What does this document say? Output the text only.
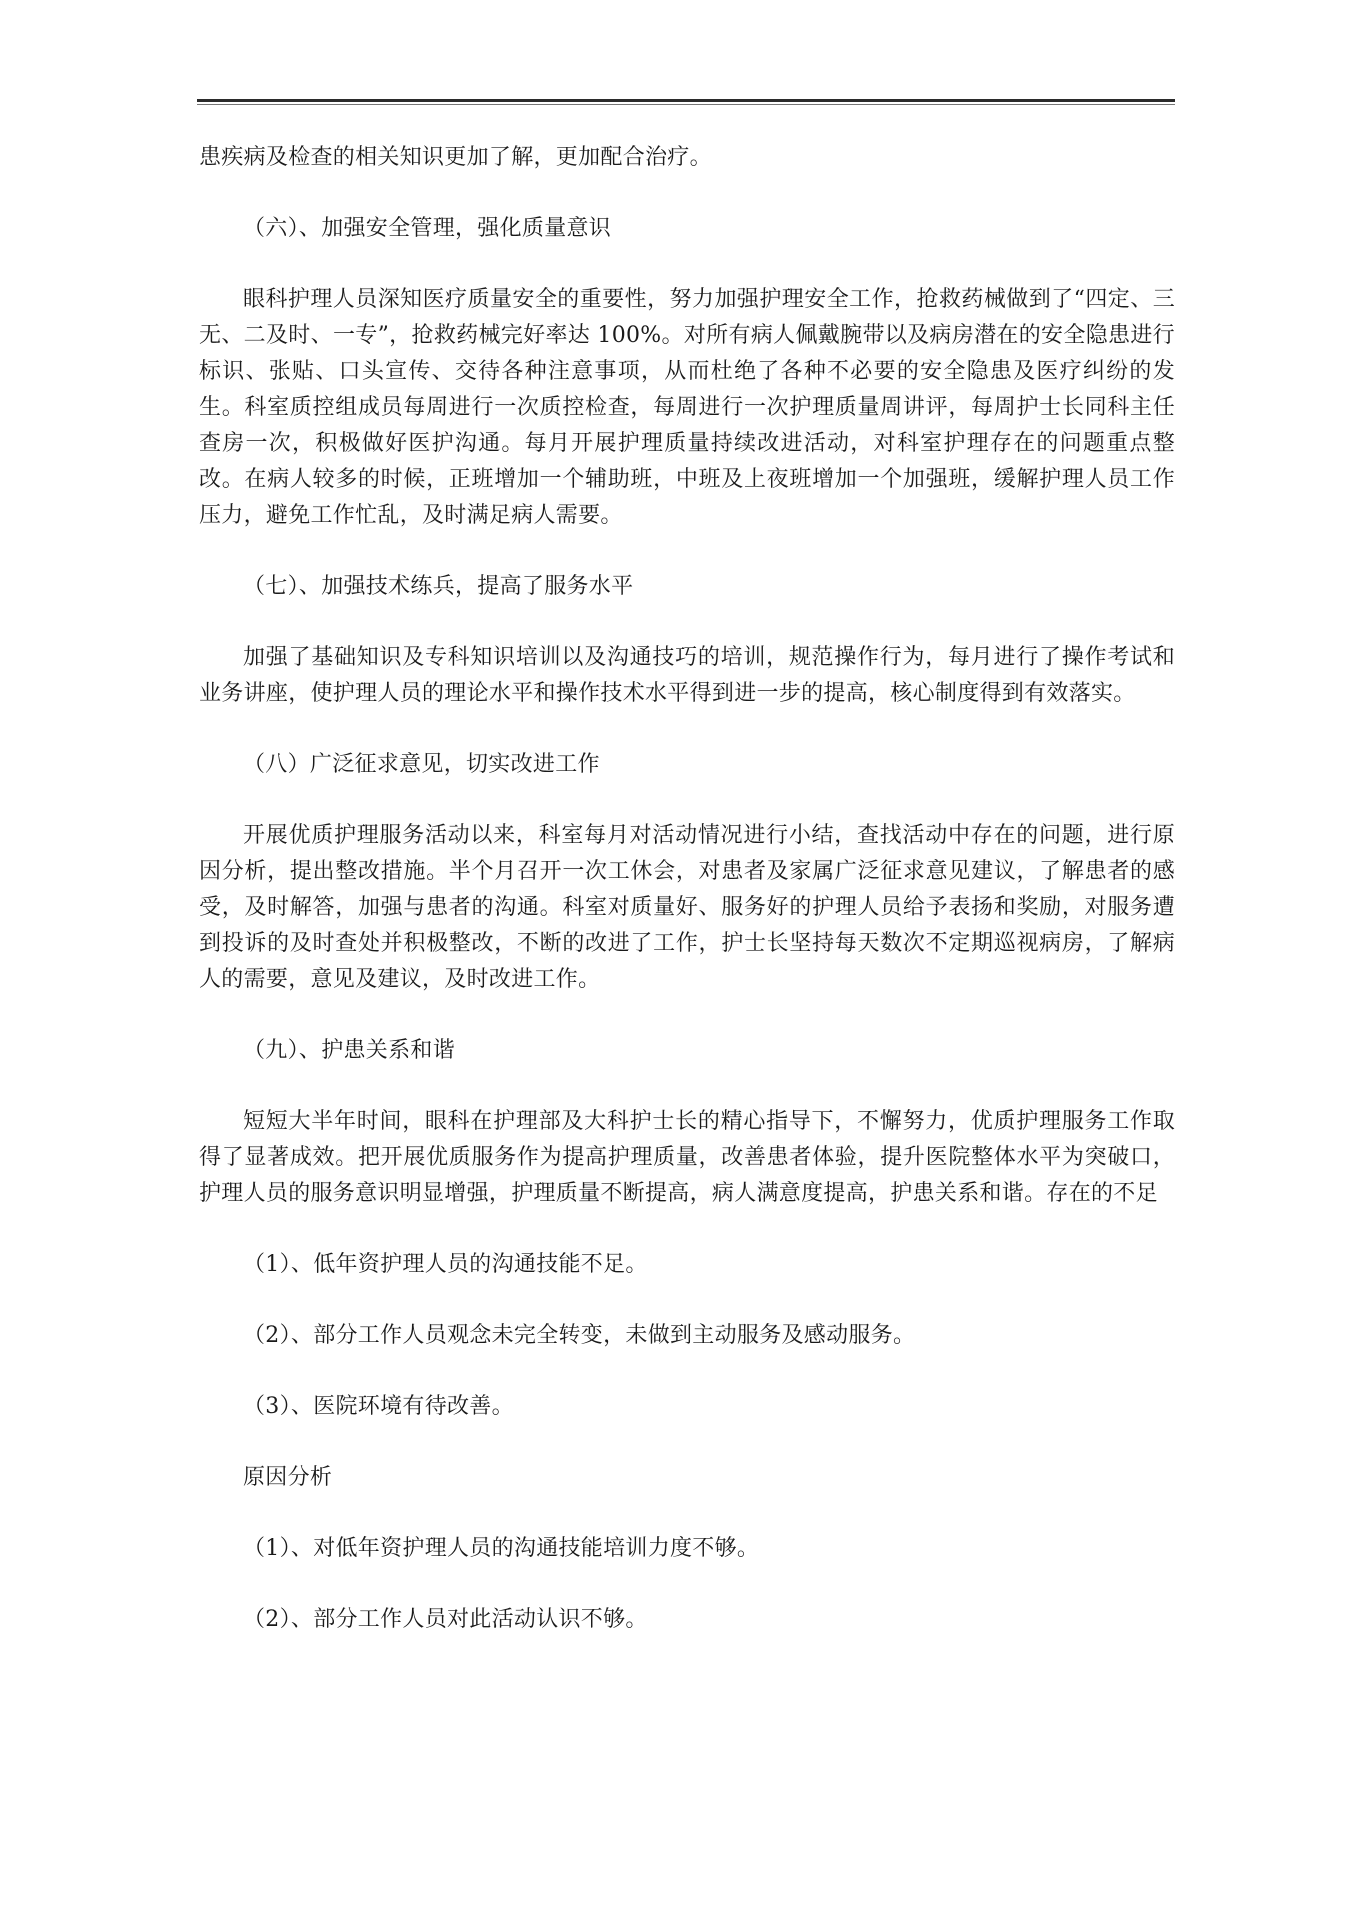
患疾病及检查的相关知识更加了解，更加配合治疗。

（六）、加强安全管理，强化质量意识

眼科护理人员深知医疗质量安全的重要性，努力加强护理安全工作，抢救药械做到了“四定、三无、二及时、一专”，抢救药械完好率达 100%。对所有病人佩戴腕带以及病房潜在的安全隐患进行标识、张贴、口头宣传、交待各种注意事项，从而杜绝了各种不必要的安全隐患及医疗纠纷的发生。科室质控组成员每周进行一次质控检查，每周进行一次护理质量周讲评，每周护士长同科主任查房一次，积极做好医护沟通。每月开展护理质量持续改进活动，对科室护理存在的问题重点整改。在病人较多的时候，正班增加一个辅助班，中班及上夜班增加一个加强班，缓解护理人员工作压力，避免工作忙乱，及时满足病人需要。

（七）、加强技术练兵，提高了服务水平

加强了基础知识及专科知识培训以及沟通技巧的培训，规范操作行为，每月进行了操作考试和业务讲座，使护理人员的理论水平和操作技术水平得到进一步的提高，核心制度得到有效落实。

（八）广泛征求意见，切实改进工作

开展优质护理服务活动以来，科室每月对活动情况进行小结，查找活动中存在的问题，进行原因分析，提出整改措施。半个月召开一次工休会，对患者及家属广泛征求意见建议，了解患者的感受，及时解答，加强与患者的沟通。科室对质量好、服务好的护理人员给予表扬和奖励，对服务遭到投诉的及时查处并积极整改，不断的改进了工作，护士长坚持每天数次不定期巡视病房，了解病人的需要，意见及建议，及时改进工作。

（九）、护患关系和谐

短短大半年时间，眼科在护理部及大科护士长的精心指导下，不懈努力，优质护理服务工作取得了显著成效。把开展优质服务作为提高护理质量，改善患者体验，提升医院整体水平为突破口，护理人员的服务意识明显增强，护理质量不断提高，病人满意度提高，护患关系和谐。存在的不足

（1）、低年资护理人员的沟通技能不足。

（2）、部分工作人员观念未完全转变，未做到主动服务及感动服务。

（3）、医院环境有待改善。

原因分析

（1）、对低年资护理人员的沟通技能培训力度不够。

（2）、部分工作人员对此活动认识不够。
